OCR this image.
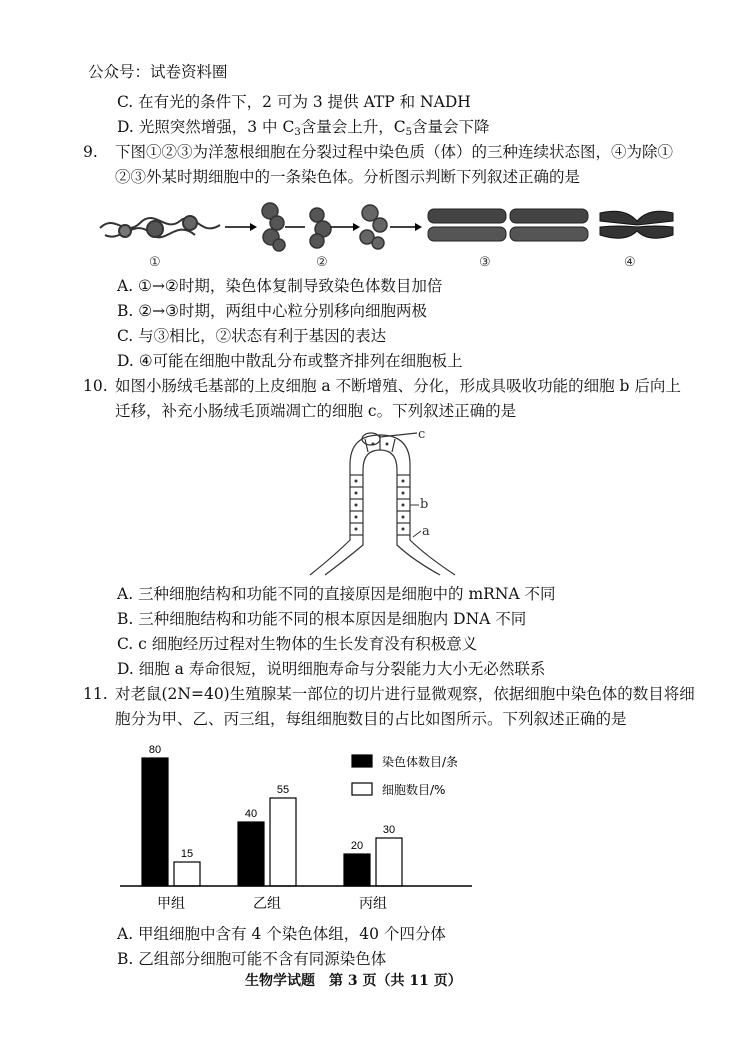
公众号：试卷资料圈
C. 在有光的条件下，2 可为 3 提供 ATP 和 NADH
D. 光照突然增强，3 中 $C_3$含量会上升，$C_5$含量会下降
9. 下图①②③为洋葱根细胞在分裂过程中染色质（体）的三种连续状态图，④为除①
②③外某时期细胞中的一条染色体。分析图示判断下列叙述正确的是
①	②	③	④
A. ①→②时期，染色体复制导致染色体数目加倍
B. ②→③时期，两组中心粒分别移向细胞两极
C. 与③相比，②状态有利于基因的表达
D. ④可能在细胞中散乱分布或整齐排列在细胞板上
10. 如图小肠绒毛基部的上皮细胞 a 不断增殖、分化，形成具吸收功能的细胞 b 后向上
迁移，补充小肠绒毛顶端凋亡的细胞 c。下列叙述正确的是
c
b
a
A. 三种细胞结构和功能不同的直接原因是细胞中的 mRNA 不同
B. 三种细胞结构和功能不同的根本原因是细胞内 DNA 不同
C. c 细胞经历过程对生物体的生长发育没有积极意义
D. 细胞 a 寿命很短，说明细胞寿命与分裂能力大小无必然联系
11. 对老鼠(2N=40)生殖腺某一部位的切片进行显微观察，依据细胞中染色体的数目将细
胞分为甲、乙、丙三组，每组细胞数目的占比如图所示。下列叙述正确的是
80
15
甲组
40
55
乙组
20
30
丙组
染色体数目/条
细胞数目/%
A. 甲组细胞中含有 4 个染色体组，40 个四分体
B. 乙组部分细胞可能不含有同源染色体
生物学试题　第 3 页（共 11 页）
